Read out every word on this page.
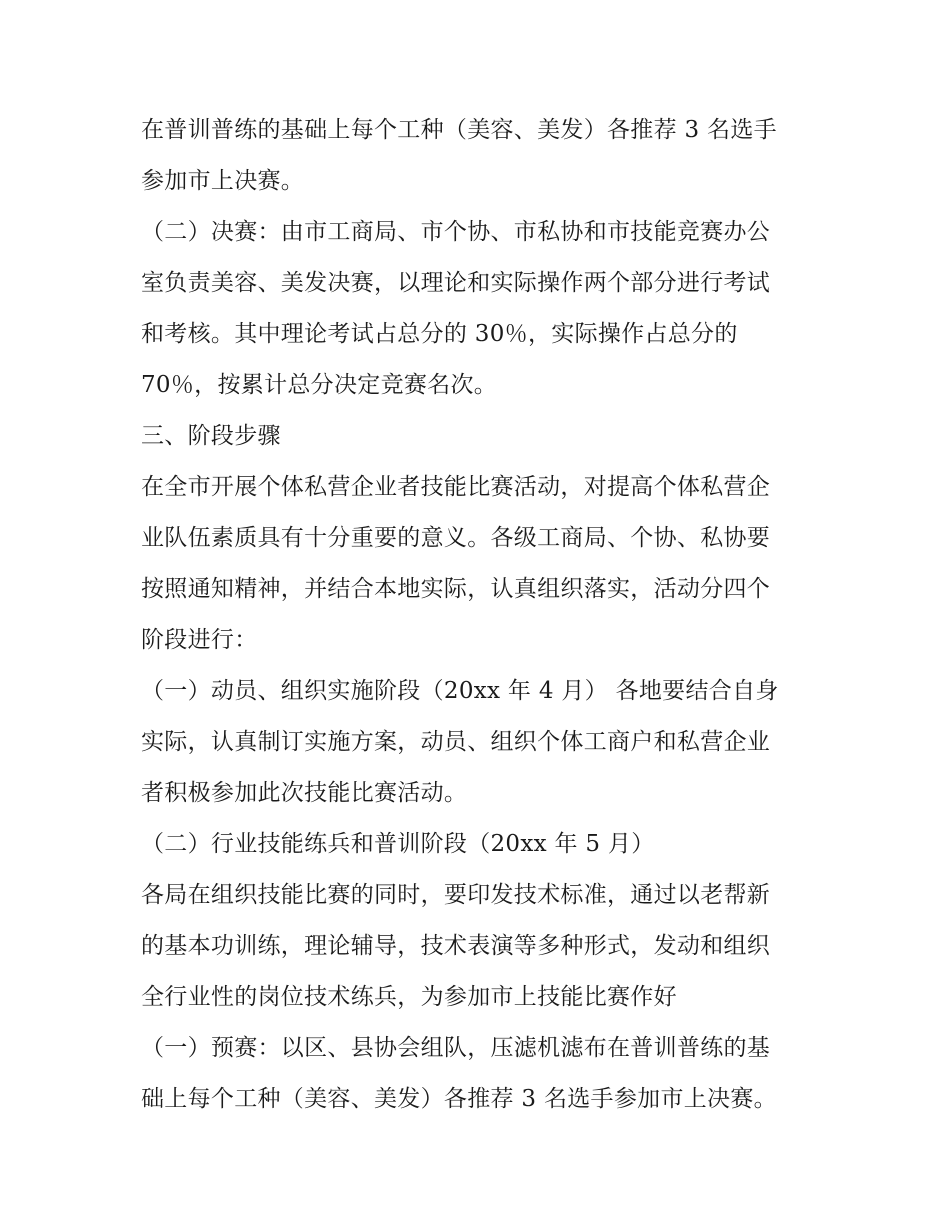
在普训普练的基础上每个工种（美容、美发）各推荐 3 名选手

参加市上决赛。

（二）决赛：由市工商局、市个协、市私协和市技能竞赛办公

室负责美容、美发决赛，以理论和实际操作两个部分进行考试

和考核。其中理论考试占总分的 30％，实际操作占总分的

70％，按累计总分决定竞赛名次。

三、阶段步骤

在全市开展个体私营企业者技能比赛活动，对提高个体私营企

业队伍素质具有十分重要的意义。各级工商局、个协、私协要

按照通知精神，并结合本地实际，认真组织落实，活动分四个

阶段进行：

（一）动员、组织实施阶段（20xx 年 4 月） 各地要结合自身

实际，认真制订实施方案，动员、组织个体工商户和私营企业

者积极参加此次技能比赛活动。

（二）行业技能练兵和普训阶段（20xx 年 5 月）

各局在组织技能比赛的同时，要印发技术标准，通过以老帮新

的基本功训练，理论辅导，技术表演等多种形式，发动和组织

全行业性的岗位技术练兵，为参加市上技能比赛作好

（一）预赛：以区、县协会组队，压滤机滤布在普训普练的基

础上每个工种（美容、美发）各推荐 3 名选手参加市上决赛。
